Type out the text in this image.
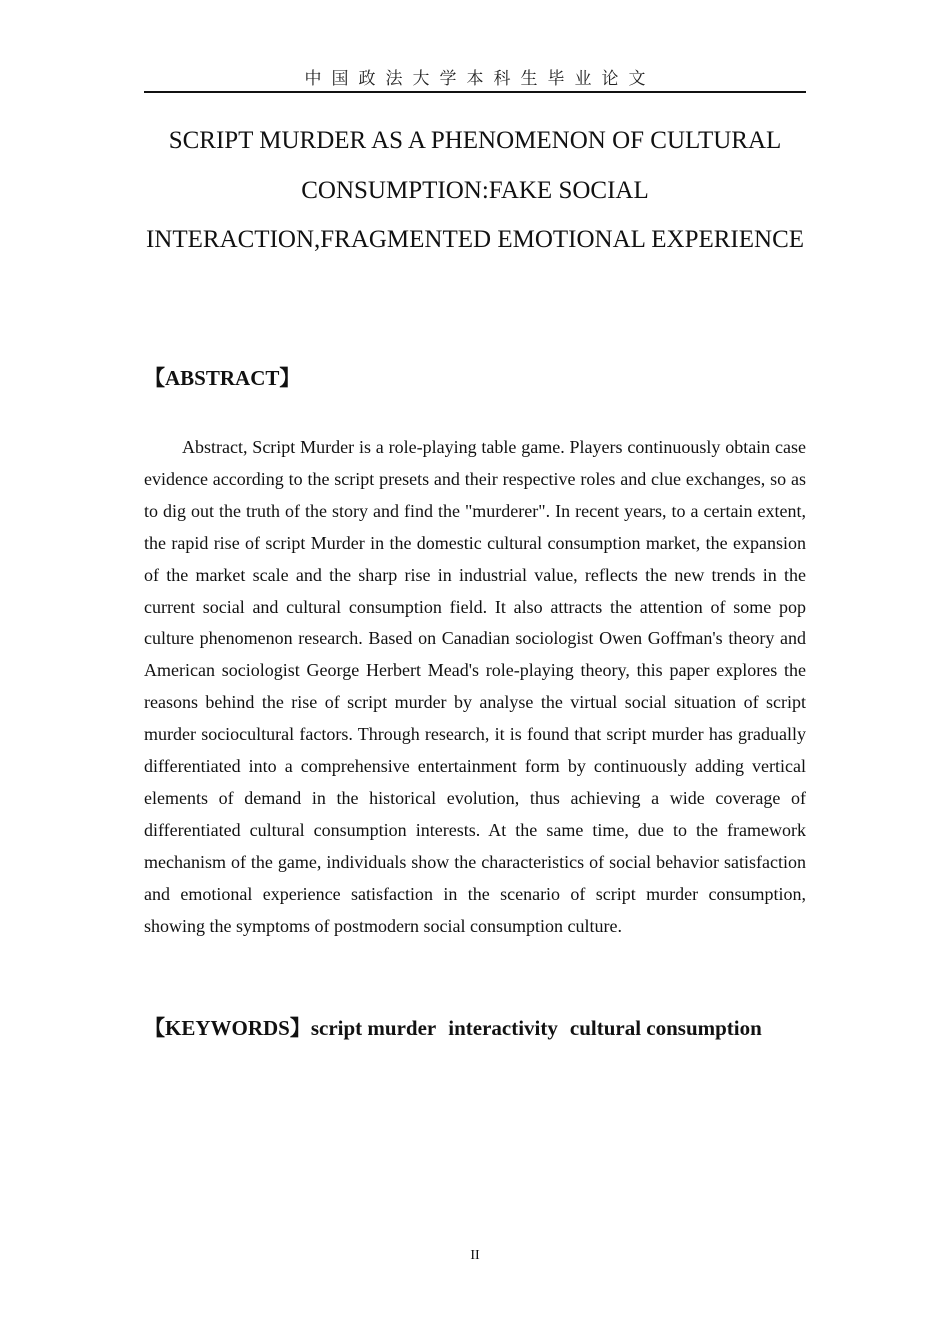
中国政法大学本科生毕业论文
SCRIPT MURDER AS A PHENOMENON OF CULTURAL CONSUMPTION:FAKE SOCIAL INTERACTION,FRAGMENTED EMOTIONAL EXPERIENCE
【ABSTRACT】

Abstract, Script Murder is a role-playing table game. Players continuously obtain case evidence according to the script presets and their respective roles and clue exchanges, so as to dig out the truth of the story and find the "murderer". In recent years, to a certain extent, the rapid rise of script Murder in the domestic cultural consumption market, the expansion of the market scale and the sharp rise in industrial value, reflects the new trends in the current social and cultural consumption field. It also attracts the attention of some pop culture phenomenon research. Based on Canadian sociologist Owen Goffman's theory and American sociologist George Herbert Mead's role-playing theory, this paper explores the reasons behind the rise of script murder by analyse the virtual social situation of script murder sociocultural factors. Through research, it is found that script murder has gradually differentiated into a comprehensive entertainment form by continuously adding vertical elements of demand in the historical evolution, thus achieving a wide coverage of differentiated cultural consumption interests. At the same time, due to the framework mechanism of the game, individuals show the characteristics of social behavior satisfaction and emotional experience satisfaction in the scenario of script murder consumption, showing the symptoms of postmodern social consumption culture.

【KEYWORDS】script murder interactivity cultural consumption
II
